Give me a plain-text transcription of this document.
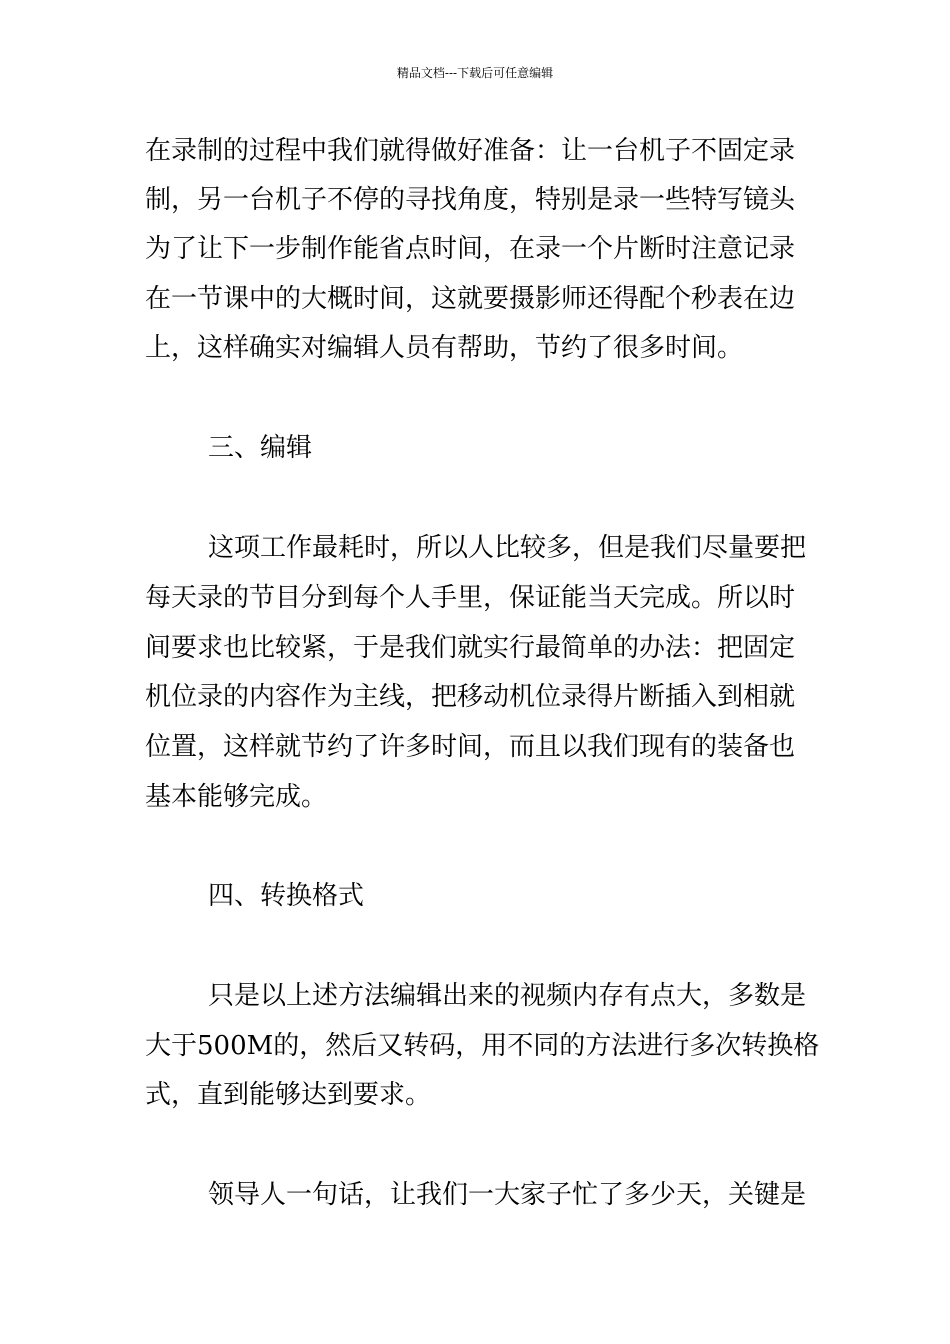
精品文档---下载后可任意编辑
在录制的过程中我们就得做好准备：让一台机子不固定录
制，另一台机子不停的寻找角度，特别是录一些特写镜头
为了让下一步制作能省点时间，在录一个片断时注意记录
在一节课中的大概时间，这就要摄影师还得配个秒表在边
上，这样确实对编辑人员有帮助，节约了很多时间。
三、编辑
这项工作最耗时，所以人比较多，但是我们尽量要把
每天录的节目分到每个人手里，保证能当天完成。所以时
间要求也比较紧，于是我们就实行最简单的办法：把固定
机位录的内容作为主线，把移动机位录得片断插入到相就
位置，这样就节约了许多时间，而且以我们现有的装备也
基本能够完成。
四、转换格式
只是以上述方法编辑出来的视频内存有点大，多数是
大于500M的，然后又转码，用不同的方法进行多次转换格
式，直到能够达到要求。
领导人一句话，让我们一大家子忙了多少天，关键是
